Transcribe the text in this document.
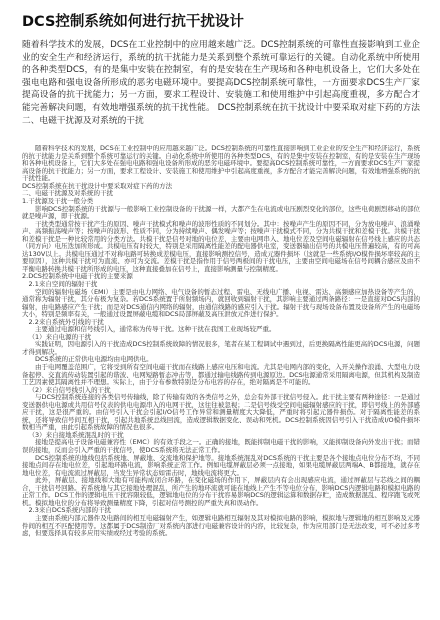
DCS控制系统如何进行抗干扰设计

随着科学技术的发展，DCS在工业控制中的应用越来越广泛。DCS控制系统的可靠性直接影响到工业企业的安全生产和经济运行，系统的抗干扰能力是关系到整个系统可靠运行的关键。自动化系统中所使用的各种类型DCS，有的是集中安装在控制室，有的是安装在生产现场和各种电机设备上，它们大多处在强电电路和强电设备所形成的恶劣电磁环境中。要提高DCS控制系统可靠性，一方面要求DCS生产厂家提高设备的抗干扰能力；另一方面，要求工程设计、安装施工和使用维护中引起高度重视，多方配合才能完善解决问题，有效地增强系统的抗干扰性能。 DCS控制系统在抗干扰设计中要采取对症下药的方法　　二、电磁干扰源及对系统的干扰

随着科学技术的发展，DCS在工业控制中的应用越来越广泛。DCS控制系统的可靠性直接影响到工业企业的安全生产和经济运行，系统的抗干扰能力是关系到整个系统可靠运行的关键。自动化系统中所使用的各种类型DCS，有的是集中安装在控制室，有的是安装在生产现场和各种电机设备上，它们大多处在强电电路和强电设备所形成的恶劣电磁环境中。要提高DCS控制系统可靠性，一方面要求DCS生产厂家提高设备的抗干扰能力；另一方面，要求工程设计、安装施工和使用维护中引起高度重视，多方配合才能完善解决问题，有效地增强系统的抗干扰性能。

DCS控制系统在抗干扰设计中要采取对症下药的方法

二、电磁干扰源及对系统的干扰

1.干扰源及干扰一般分类

影响DCS控制系统的干扰源与一般影响工业控制设备的干扰源一样，大都产生在电流或电压剧烈变化的部位，这些电荷剧烈移动的部位就是噪声源，即干扰源。

干扰类型通常按干扰产生的原因、噪声干扰模式和噪声的波形性质的不同划分。其中：按噪声产生的原因不同，分为放电噪声、浪涌噪声、高频振荡噪声等；按噪声的波形、性质不同，分为持续噪声、偶发噪声等；按噪声干扰模式不同，分为共模干扰和差模干扰。共模干扰和差模干扰是一种比较常用的分类方法。共模干扰是信号对地的电位差，主要由电网串入、地电位差及空间电磁辐射在信号线上感应的共态（同方向）电压迭加所形成。共模电压有时较大，特别是采用隔离性能差的配电器供电室，变送器输出信号的共模电压普遍较高，有的可高达130V以上。共模电压通过不对称电路可转换成差模电压，直接影响测控信号，造成元器件损坏（这就是一些系统I/O模件损坏率较高的主要原因），这种共模干扰可为直流、亦可为交流。差模干扰是指作用于信号两极间的干扰电压，主要由空间电磁场在信号间耦合感应及由不平衡电路转换共模干扰所形成的电压，这种直接叠加在信号上，直接影响测量与控制精度。

2.DCS控制系统中电磁干扰的主要来源

2.1来自空间的辐射干扰

空间的辐射电磁场（EMI）主要是由电力网络、电气设备的暂态过程、雷电、无线电广播、电视、雷达、高频感应加热设备等产生的，通常称为辐射干扰，其分布极为复杂。若DCS系统置于所射频场内，就回收到辐射干扰，其影响主要通过两条路径：一是直接对DCS内部的辐射，由电路感应产生干扰；而是对DCS通信内网络的辐射，由通信线路的感应引入干扰。辐射干扰与现场设备布置及设备所产生的电磁场大小，特别是频率有关，一般通过设置屏蔽电缆和DCS局部屏蔽及高压泄放元件进行保护。

2.2来自系统外引线的干扰

主要通过电源和信号线引入，通常称为传导干扰。这种干扰在我国工业现场较严重。

（1）来自电源的干扰

实践证明，因电源引入的干扰造成DCS控制系统故障的情况很多，笔者在某工程调试中遇到过，后更换隔离性能更高的DCS电源，问题才得到解决。

DCS系统的正常供电电源均由电网供电。

由于电网覆盖范围广，它将受到所有空间电磁干扰而在线路上感应电压和电流。尤其是电网内部的变化，入开关操作浪涌、大型电力设备起停、交直流传动装置引起的谐波、电网短路暂态冲击等，都通过输电线路传到电源原边。DCS电源通常采用隔离电源，但其机构及制造工艺因素使其隔离性并不理想。实际上，由于分布参数特别是分布电容的存在，绝对隔离是不可能的。

（2）来自信号线引入的干扰

与DCS控制系统连接的各类信号传输线，除了传输有效的各类信号之外，总会有外部干扰信号侵入。此干扰主要有两种途径：一是通过变送器供电电源或共用信号仪表的供电电源串入的电网干扰，这往往被忽视；二是信号线受空间电磁辐射感应的干扰，即信号线上的外部感应干扰，这是很严重的。由信号引入干扰会引起I/O信号工作异常和测量精度大大降低，严重时将引起元器件损伤。对于隔离性能差的系统，还将导致信号间互相干扰，引起共地系统总线回流，造成逻辑数据变化、误动和死机。DCS控制系统因信号引入干扰造成I/O模件损坏数相当严重，由此引起系统故障的情况也很多。

（3）来自接地系统混乱时的干扰

接地是提高电子设备电磁兼容性（EMC）的有效手段之一。正确的接地，既能抑制电磁干扰的影响，又能抑制设备向外发出干扰；而错误的接地，反而会引入严重的干扰信号，使DCS系统将无法正常工作。

DCS控制系统的地线包括系统地、屏蔽地、交流地和保护地等。接地系统混乱对DCS系统的干扰主要是各个接地点电位分布不均，不同接地点间存在地电位差，引起地环路电流，影响系统正常工作。例如电缆屏蔽层必须一点接地，如果电缆屏蔽层两端A、B都接地，就存在地电位差，有电流流过屏蔽层，当发生异常状态如雷击时，地线电流将更大。

此外，屏蔽层、接地线和大地有可能构成闭合环路，在变化磁场的作用下，屏蔽层内有会出现感应电流，通过屏蔽层与芯线之间的耦合，干扰信号回路。若系统地与其它接地处理混乱，所产生的地环流就可能在地线上产生不等电位分布，影响DCS内逻辑电路和模拟电路的正常工作。DCS工作的逻辑电压干扰容限较低，逻辑地电位的分布干扰容易影响DCS的逻辑运算和数据存贮，造成数据混乱、程序跑飞或死机。模拟地电位的分布将导致测量精度下降，引起对信号测控的严重失真和误动作。

2.3来自DCS系统内部的干扰

主要由系统内部元器件及电路间的相互电磁辐射产生，如逻辑电路相互辐射及其对模拟电路的影响，模拟地与逻辑地的相互影响及元器件间的相互不匹配使用等。这都属于DCS制造厂对系统内部进行电磁兼容设计的内容，比较复杂，作为应用部门是无法改变，可不必过多考虑，但要选择具有较多应用实绩或经过考验的系统。
